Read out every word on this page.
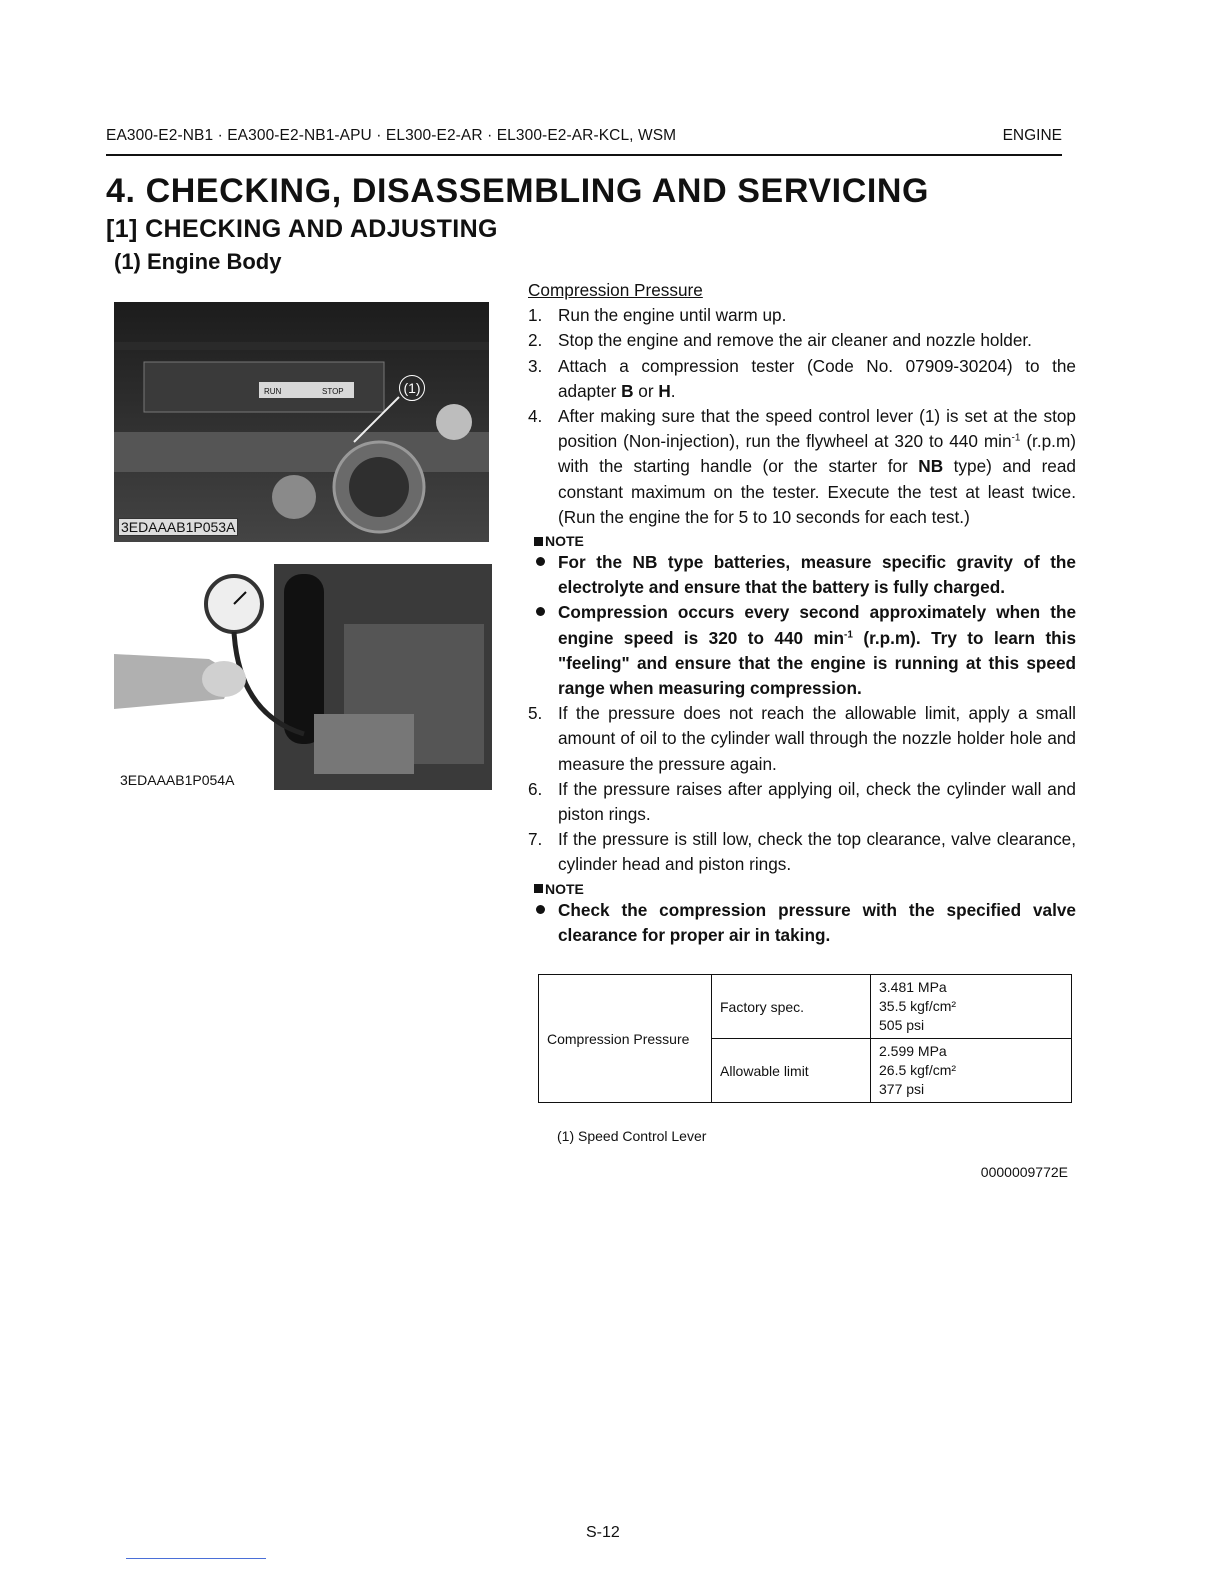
EA300-E2-NB1 · EA300-E2-NB1-APU · EL300-E2-AR · EL300-E2-AR-KCL, WSM	ENGINE
4. CHECKING, DISASSEMBLING AND SERVICING
[1] CHECKING AND ADJUSTING
(1) Engine Body
RUN	STOP	(1)
3EDAAAB1P053A
3EDAAAB1P054A
Compression Pressure
1. Run the engine until warm up.
2. Stop the engine and remove the air cleaner and nozzle holder.
3. Attach a compression tester (Code No. 07909-30204) to the adapter B or H.
4. After making sure that the speed control lever (1) is set at the stop position (Non-injection), run the flywheel at 320 to 440 $\min^{-1} (r.p.m)$ with the starting handle (or the starter for NB type) and read constant maximum on the tester. Execute the test at least twice. (Run the engine the for 5 to 10 seconds for each test.)
NOTE
For the NB type batteries, measure specific gravity of the electrolyte and ensure that the battery is fully charged.
Compression occurs every second approximately when the engine speed is 320 to 440 $\min^{-1} (r.p.m)$. Try to learn this "feeling" and ensure that the engine is running at this speed range when measuring compression.
5. If the pressure does not reach the allowable limit, apply a small amount of oil to the cylinder wall through the nozzle holder hole and measure the pressure again.
6. If the pressure raises after applying oil, check the cylinder wall and piston rings.
7. If the pressure is still low, check the top clearance, valve clearance, cylinder head and piston rings.
NOTE
Check the compression pressure with the specified valve clearance for proper air in taking.
Compression Pressure	Factory spec.	3.481 MPa
35.5 kgf/cm²
505 psi

	Allowable limit	2.599 MPa
26.5 kgf/cm²
377 psi
(1) Speed Control Lever
0000009772E
S-12
